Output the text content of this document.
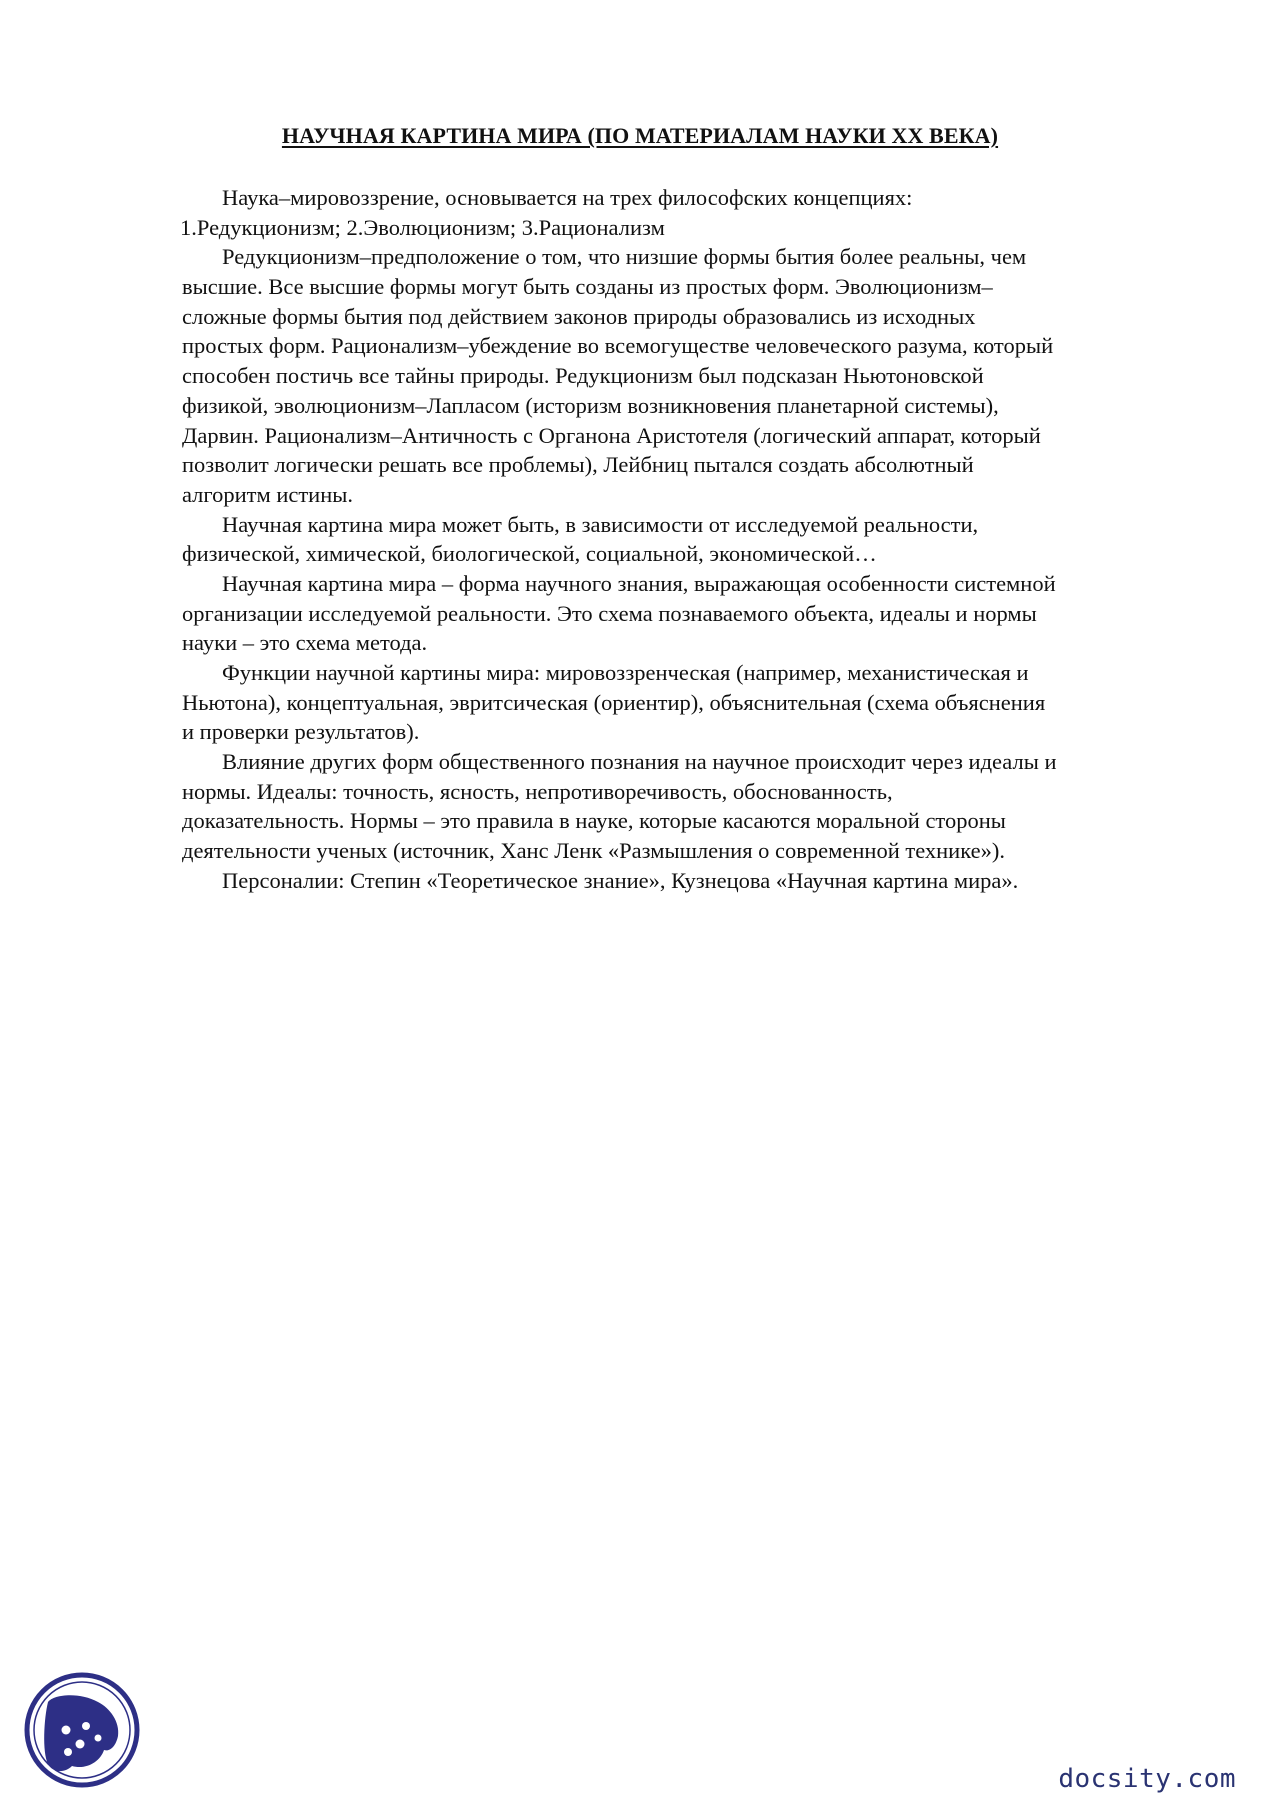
НАУЧНАЯ КАРТИНА МИРА (ПО МАТЕРИАЛАМ НАУКИ XX ВЕКА)
Наука–мировоззрение, основывается на трех философских концепциях:
1.Редукционизм; 2.Эволюционизм; 3.Рационализм
Редукционизм–предположение о том, что низшие формы бытия более реальны, чем
высшие. Все высшие формы могут быть созданы из простых форм. Эволюционизм–
сложные формы бытия под действием законов природы образовались из исходных
простых форм. Рационализм–убеждение во всемогуществе человеческого разума, который
способен постичь все тайны природы. Редукционизм был подсказан Ньютоновской
физикой, эволюционизм–Лапласом (историзм возникновения планетарной системы),
Дарвин. Рационализм–Античность с Органона Аристотеля (логический аппарат, который
позволит логически решать все проблемы), Лейбниц пытался создать абсолютный
алгоритм истины.
Научная картина мира может быть, в зависимости от исследуемой реальности,
физической, химической, биологической, социальной, экономической…
Научная картина мира – форма научного знания, выражающая особенности системной
организации исследуемой реальности. Это схема познаваемого объекта, идеалы и нормы
науки – это схема метода.
Функции научной картины мира: мировоззренческая (например, механистическая и
Ньютона), концептуальная, эвритсическая (ориентир), объяснительная (схема объяснения
и проверки результатов).
Влияние других форм общественного познания на научное происходит через идеалы и
нормы. Идеалы: точность, ясность, непротиворечивость, обоснованность,
доказательность. Нормы – это правила в науке, которые касаются моральной стороны
деятельности ученых (источник, Ханс Ленк «Размышления о современной технике»).
Персоналии: Степин «Теоретическое знание», Кузнецова «Научная картина мира».
docsity.com
